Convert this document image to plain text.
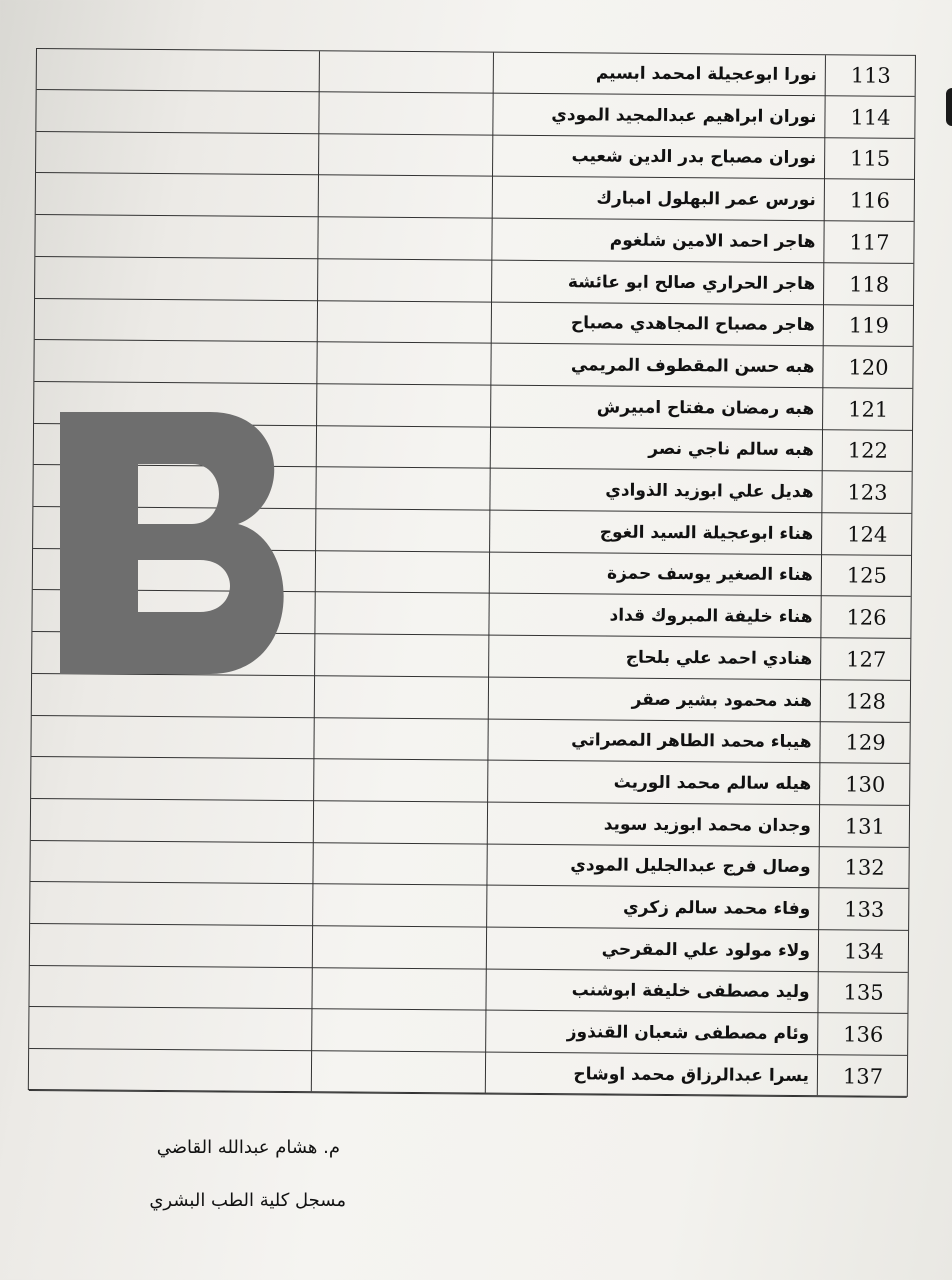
113
نورا ابوعجيلة امحمد ابسيم
114
نوران ابراهيم عبدالمجيد المودي
115
نوران مصباح بدر الدين شعيب
116
نورس عمر البهلول امبارك
117
هاجر احمد الامين شلغوم
118
هاجر الحراري صالح ابو عائشة
119
هاجر مصباح المجاهدي مصباح
120
هبه حسن المقطوف المريمي
121
هبه رمضان مفتاح امبيرش
122
هبه سالم ناجي نصر
123
هديل علي ابوزيد الذوادي
124
هناء ابوعجيلة السيد الغوج
125
هناء الصغير يوسف حمزة
126
هناء خليفة المبروك قداد
127
هنادي احمد علي بلحاج
128
هند محمود بشير صقر
129
هيباء محمد الطاهر المصراتي
130
هيله سالم محمد الوريث
131
وجدان محمد ابوزيد سويد
132
وصال فرج عبدالجليل المودي
133
وفاء محمد سالم زكري
134
ولاء مولود علي المقرحي
135
وليد مصطفى خليفة ابوشنب
136
وئام مصطفى شعبان القنذوز
137
يسرا عبدالرزاق محمد اوشاح
م. هشام عبدالله القاضي
مسجل كلية الطب البشري
